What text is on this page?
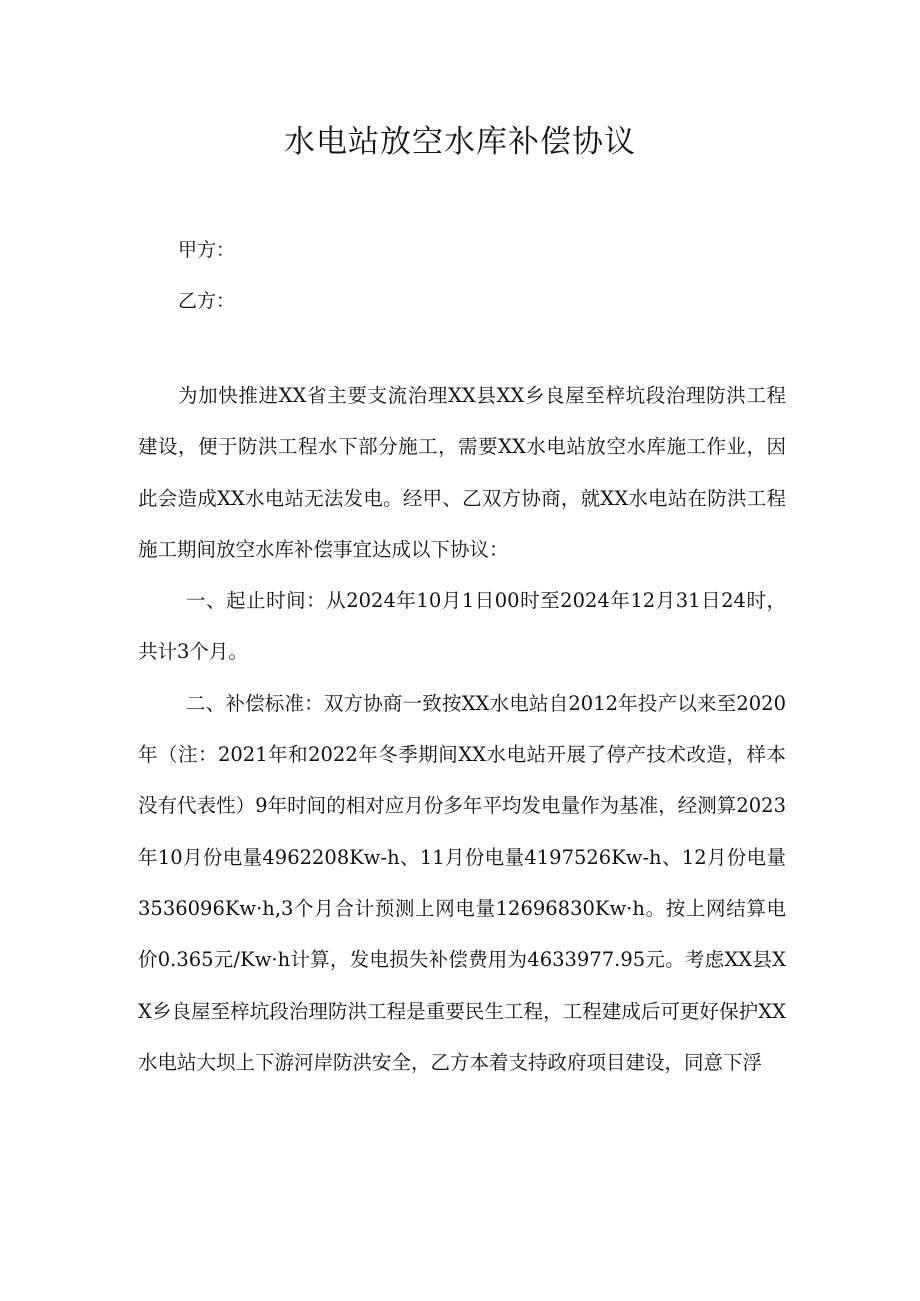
水电站放空水库补偿协议
甲方：
乙方：

为加快推进XX省主要支流治理XX县XX乡良屋至梓坑段治理防洪工程建设，便于防洪工程水下部分施工，需要XX水电站放空水库施工作业，因此会造成XX水电站无法发电。经甲、乙双方协商，就XX水电站在防洪工程施工期间放空水库补偿事宜达成以下协议：

一、起止时间：从2024年10月1日00时至2024年12月31日24时，共计3个月。

二、补偿标准：双方协商一致按XX水电站自2012年投产以来至2020年（注：2021年和2022年冬季期间XX水电站开展了停产技术改造，样本没有代表性）9年时间的相对应月份多年平均发电量作为基准，经测算2023年10月份电量4962208Kw-h、11月份电量4197526Kw-h、12月份电量3536096Kw·h,3个月合计预测上网电量12696830Kw·h。按上网结算电价0.365元/Kw·h计算，发电损失补偿费用为4633977.95元。考虑XX县XX乡良屋至梓坑段治理防洪工程是重要民生工程，工程建成后可更好保护XX水电站大坝上下游河岸防洪安全，乙方本着支持政府项目建设，同意下浮
